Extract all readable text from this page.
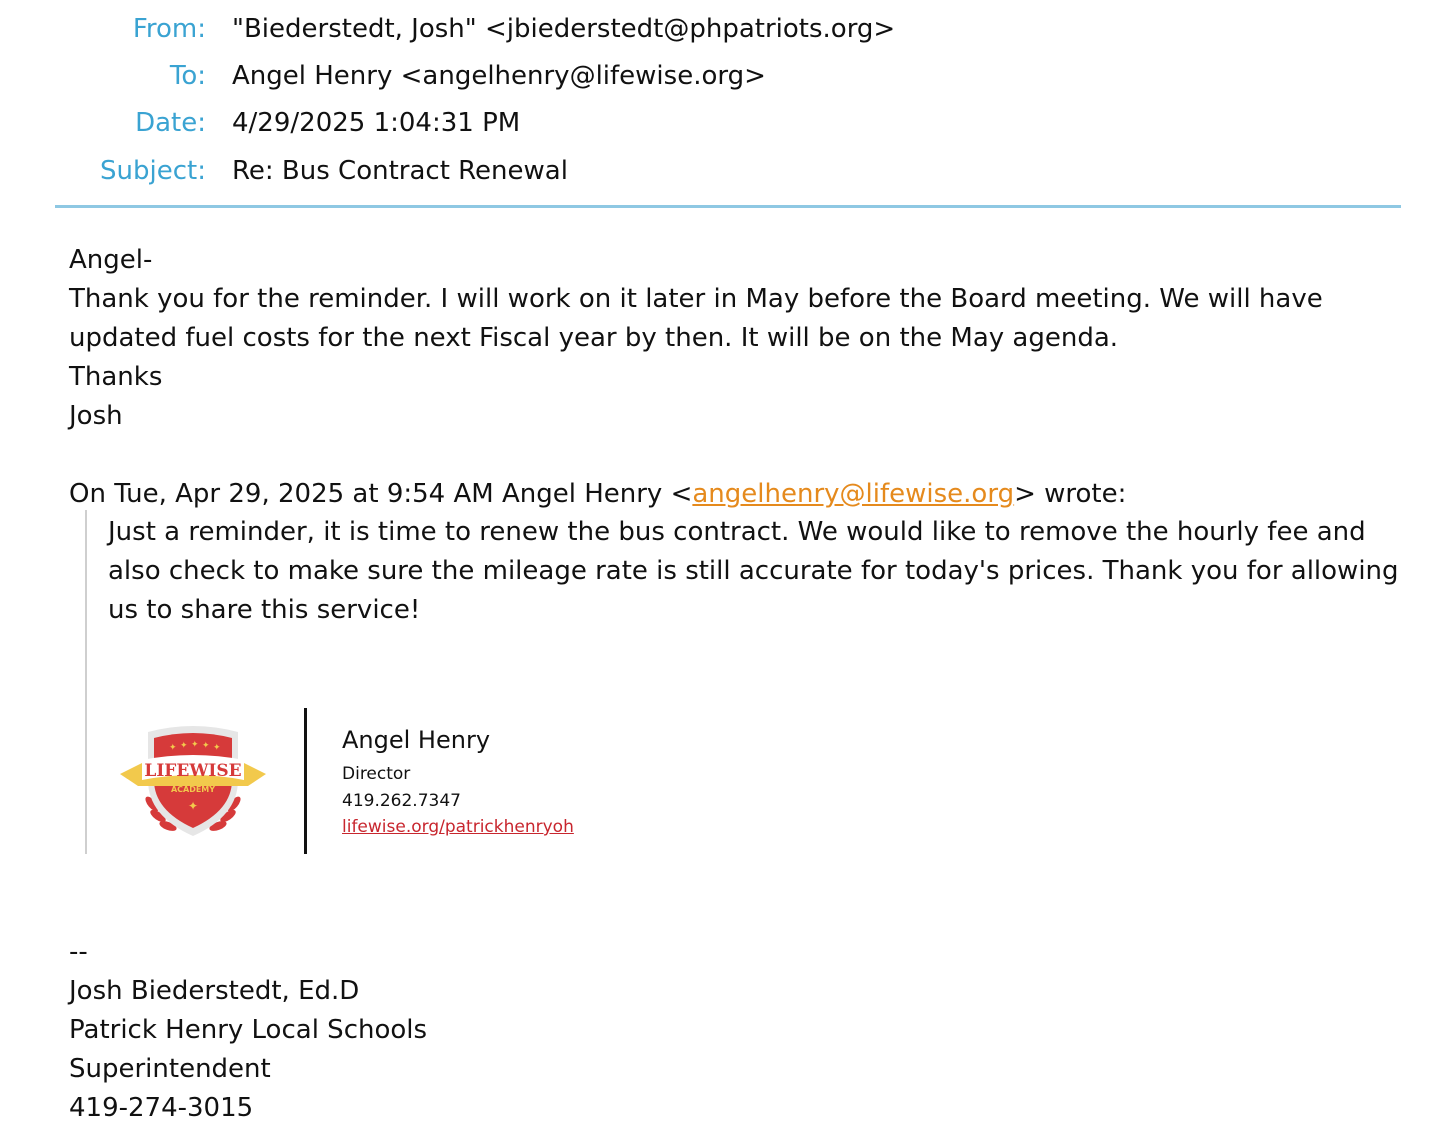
From: "Biederstedt, Josh" <jbiederstedt@phpatriots.org>
To: Angel Henry <angelhenry@lifewise.org>
Date: 4/29/2025 1:04:31 PM
Subject: Re: Bus Contract Renewal
Angel-
Thank you for the reminder. I will work on it later in May before the Board meeting. We will have
updated fuel costs for the next Fiscal year by then. It will be on the May agenda.
Thanks
Josh
On Tue, Apr 29, 2025 at 9:54 AM Angel Henry <angelhenry@lifewise.org> wrote:
Just a reminder, it is time to renew the bus contract. We would like to remove the hourly fee and
also check to make sure the mileage rate is still accurate for today's prices. Thank you for allowing
us to share this service!
✦ ✦ ✦ ✦ ✦
LIFEWISE
ACADEMY
✦
Angel Henry
Director
419.262.7347
lifewise.org/patrickhenryoh
--
Josh Biederstedt, Ed.D
Patrick Henry Local Schools
Superintendent
419-274-3015
